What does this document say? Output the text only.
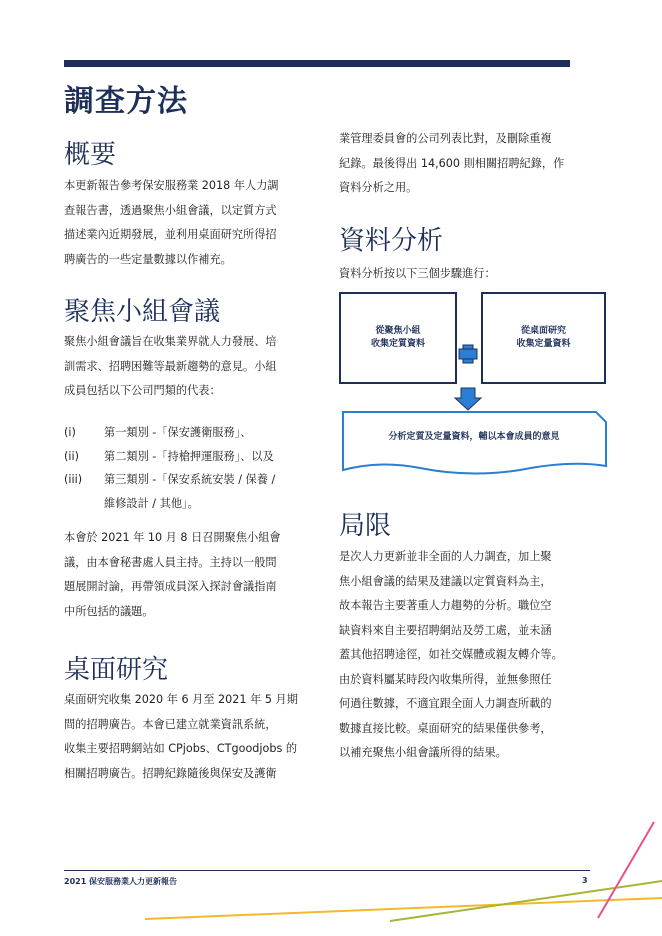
調查方法
概要
本更新報告參考保安服務業 2018 年人力調
查報告書，透過聚焦小組會議，以定質方式
描述業內近期發展，並利用桌面研究所得招
聘廣告的一些定量數據以作補充。
聚焦小組會議
聚焦小組會議旨在收集業界就人力發展、培
訓需求、招聘困難等最新趨勢的意見。小組
成員包括以下公司門類的代表：
(i)	第一類別 -「保安護衛服務」、
(ii)	第二類別 -「持槍押運服務」、以及
(iii)	第三類別 -「保安系統安裝 / 保養 /
維修設計 / 其他」。
本會於 2021 年 10 月 8 日召開聚焦小組會
議，由本會秘書處人員主持。主持以一般問
題展開討論，再帶領成員深入探討會議指南
中所包括的議題。
桌面研究
桌面研究收集 2020 年 6 月至 2021 年 5 月期
間的招聘廣告。本會已建立就業資訊系統，
收集主要招聘網站如 CPjobs、CTgoodjobs 的
相關招聘廣告。招聘紀錄隨後與保安及護衛
業管理委員會的公司列表比對，及刪除重複
紀錄。最後得出 14,600 則相關招聘紀錄，作
資料分析之用。
資料分析
資料分析按以下三個步驟進行：
從聚焦小組
收集定質資料
從桌面研究
收集定量資料
分析定質及定量資料，輔以本會成員的意見
局限
是次人力更新並非全面的人力調查，加上聚
焦小組會議的結果及建議以定質資料為主，
故本報告主要著重人力趨勢的分析。職位空
缺資料來自主要招聘網站及勞工處，並未涵
蓋其他招聘途徑，如社交媒體或親友轉介等。
由於資料屬某時段內收集所得，並無參照任
何過往數據，不適宜跟全面人力調查所載的
數據直接比較。桌面研究的結果僅供參考，
以補充聚焦小組會議所得的結果。
2021 保安服務業人力更新報告	3
